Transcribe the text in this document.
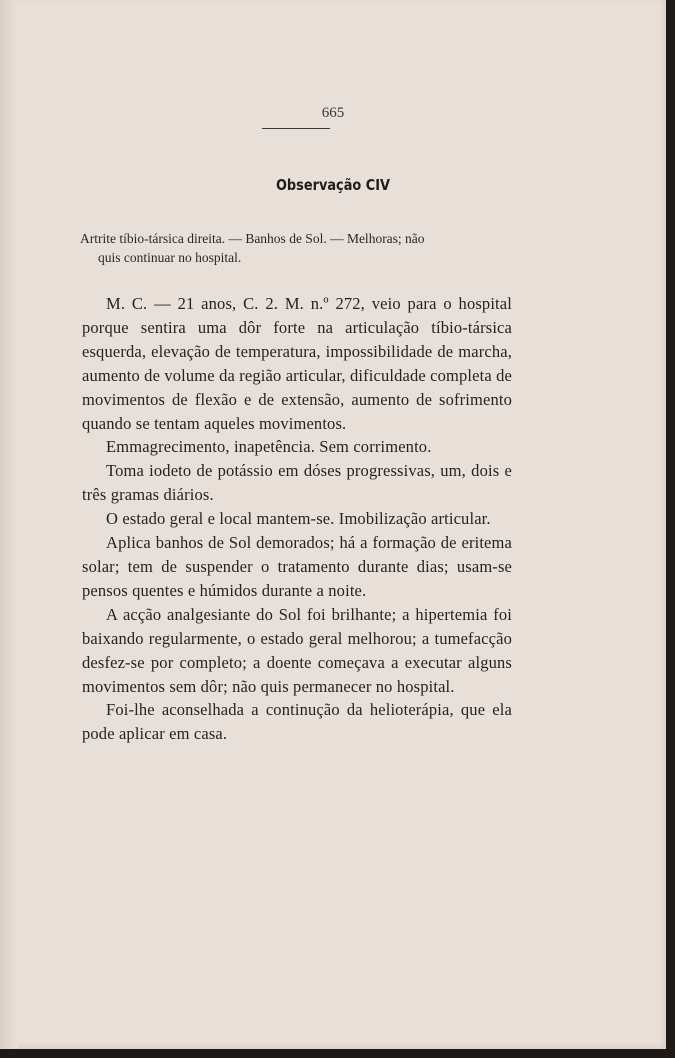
665
Observação CIV
Artrite tíbio-társica direita. — Banhos de Sol. — Melhoras; não
quis continuar no hospital.

M. C. — 21 anos, C. 2. M. n.º 272, veio para o hospital porque sentira uma dôr forte na articulação tíbio-társica esquerda, elevação de temperatura, impossibilidade de marcha, aumento de volume da região articular, dificuldade completa de movimentos de flexão e de extensão, aumento de sofrimento quando se tentam aqueles movimentos.

Emmagrecimento, inapetência. Sem corrimento.

Toma iodeto de potássio em dóses progressivas, um, dois e três gramas diários.

O estado geral e local mantem-se. Imobilização articular.

Aplica banhos de Sol demorados; há a formação de eritema solar; tem de suspender o tratamento durante dias; usam-se pensos quentes e húmidos durante a noite.

A acção analgesiante do Sol foi brilhante; a hipertemia foi baixando regularmente, o estado geral melhorou; a tumefacção desfez-se por completo; a doente começava a executar alguns movimentos sem dôr; não quis permanecer no hospital.

Foi-lhe aconselhada a continução da helioterápia, que ela pode aplicar em casa.
